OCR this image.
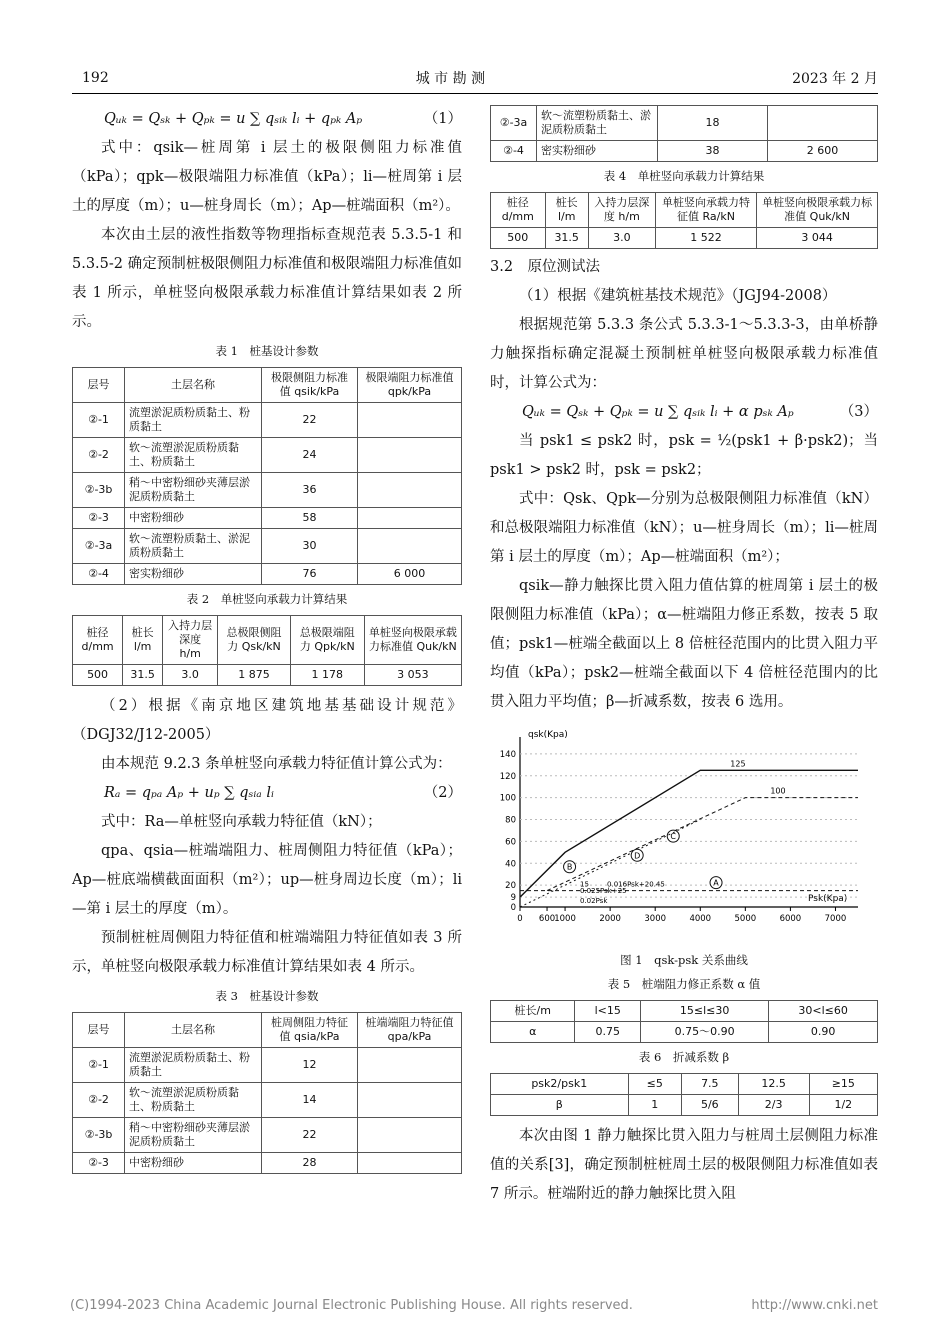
192	城 市 勘 测	2023 年 2 月
Qᵤₖ = Qₛₖ + Qₚₖ = u ∑ qₛᵢₖ lᵢ + qₚₖ Aₚ	（1）

式中：qsik—桩周第 i 层土的极限侧阻力标准值（kPa）；qpk—极限端阻力标准值（kPa）；li—桩周第 i 层土的厚度（m）；u—桩身周长（m）；Ap—桩端面积（m²）。

本次由土层的液性指数等物理指标查规范表 5.3.5-1 和 5.3.5-2 确定预制桩极限侧阻力标准值和极限端阻力标准值如表 1 所示，单桩竖向极限承载力标准值计算结果如表 2 所示。

表 1　桩基设计参数
层号	土层名称	极限侧阻力标准值 qsik/kPa	极限端阻力标准值 qpk/kPa
②-1	流塑淤泥质粉质黏土、粉质黏土	22	
②-2	软～流塑淤泥质粉质黏土、粉质黏土	24	
②-3b	稍～中密粉细砂夹薄层淤泥质粉质黏土	36	
②-3	中密粉细砂	58	
②-3a	软～流塑粉质黏土、淤泥质粉质黏土	30	
②-4	密实粉细砂	76	6 000
表 2　单桩竖向承载力计算结果
桩径 d/mm	桩长 l/m	入持力层深度 h/m	总极限侧阻力 Qsk/kN	总极限端阻力 Qpk/kN	单桩竖向极限承载力标准值 Quk/kN
500	31.5	3.0	1 875	1 178	3 053

（2）根据《南京地区建筑地基基础设计规范》（DGJ32/J12-2005）

由本规范 9.2.3 条单桩竖向承载力特征值计算公式为：

Rₐ = qₚₐ Aₚ + uₚ ∑ qₛᵢₐ lᵢ	（2）

式中：Ra—单桩竖向承载力特征值（kN）；

qpa、qsia—桩端端阻力、桩周侧阻力特征值（kPa）；Ap—桩底端横截面面积（m²）；up—桩身周边长度（m）；li—第 i 层土的厚度（m）。

预制桩桩周侧阻力特征值和桩端端阻力特征值如表 3 所示，单桩竖向极限承载力标准值计算结果如表 4 所示。

表 3　桩基设计参数
层号	土层名称	桩周侧阻力特征值 qsia/kPa	桩端端阻力特征值 qpa/kPa
②-1	流塑淤泥质粉质黏土、粉质黏土	12	
②-2	软～流塑淤泥质粉质黏土、粉质黏土	14	
②-3b	稍～中密粉细砂夹薄层淤泥质粉质黏土	22	
②-3	中密粉细砂	28	
②-3a	软～流塑粉质黏土、淤泥质粉质黏土	18	
②-4	密实粉细砂	38	2 600
表 4　单桩竖向承载力计算结果
桩径 d/mm	桩长 l/m	入持力层深度 h/m	单桩竖向承载力特征值 Ra/kN	单桩竖向极限承载力标准值 Quk/kN
500	31.5	3.0	1 522	3 044

3.2　原位测试法

（1）根据《建筑桩基技术规范》（JGJ94-2008）

根据规范第 5.3.3 条公式 5.3.3-1～5.3.3-3，由单桥静力触探指标确定混凝土预制桩单桩竖向极限承载力标准值时，计算公式为：

Qᵤₖ = Qₛₖ + Qₚₖ = u ∑ qₛᵢₖ lᵢ + α pₛₖ Aₚ	（3）

当 psk1 ≤ psk2 时，psk = ½(psk1 + β·psk2)；当 psk1 > psk2 时，psk = psk2；

式中：Qsk、Qpk—分别为总极限侧阻力标准值（kN）和总极限端阻力标准值（kN）；u—桩身周长（m）；li—桩周第 i 层土的厚度（m）；Ap—桩端面积（m²）；

qsik—静力触探比贯入阻力值估算的桩周第 i 层土的极限侧阻力标准值（kPa）；α—桩端阻力修正系数，按表 5 取值；psk1—桩端全截面以上 8 倍桩径范围内的比贯入阻力平均值（kPa）；psk2—桩端全截面以下 4 倍桩径范围内的比贯入阻力平均值；β—折减系数，按表 6 选用。

qsk(Kpa)
Psk(Kpa)
0 600 1000	2000	3000	4000	5000	6000	7000
0
9
20
40
60
80
100
120
140
A
15
B
0.025Psk+25
C
0.016Psk+20.45
D
0.02Psk
125
100
图 1　qsk-psk 关系曲线
表 5　桩端阻力修正系数 α 值
桩长/m	l<15	15≤l≤30	30<l≤60
α	0.75	0.75～0.90	0.90
表 6　折减系数 β
psk2/psk1	≤5	7.5	12.5	≥15
β	1	5/6	2/3	1/2

本次由图 1 静力触探比贯入阻力与桩周土层侧阻力标准值的关系[3]，确定预制桩桩周土层的极限侧阻力标准值如表 7 所示。桩端附近的静力触探比贯入阻

(C)1994-2023 China Academic Journal Electronic Publishing House. All rights reserved.	http://www.cnki.net
